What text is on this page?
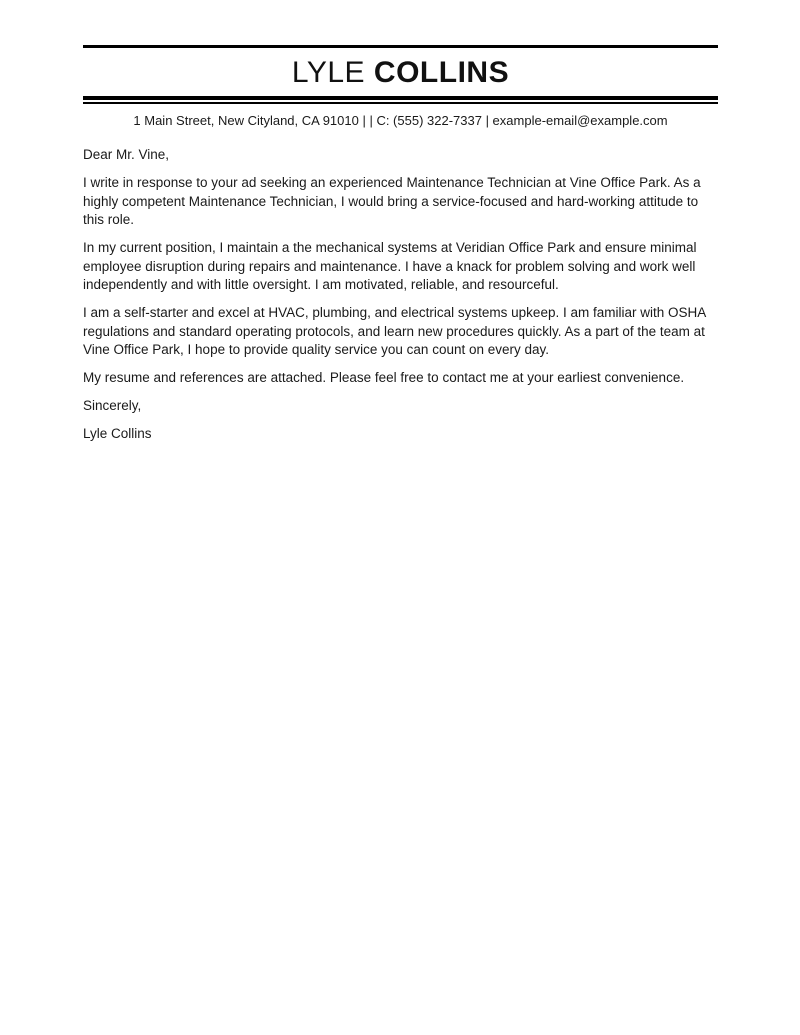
LYLE COLLINS
1 Main Street, New Cityland, CA 91010 | | C: (555) 322-7337 | example-email@example.com

Dear Mr. Vine,

I write in response to your ad seeking an experienced Maintenance Technician at Vine Office Park. As a highly competent Maintenance Technician, I would bring a service-focused and hard-working attitude to this role.

In my current position, I maintain a the mechanical systems at Veridian Office Park and ensure minimal employee disruption during repairs and maintenance. I have a knack for problem solving and work well independently and with little oversight. I am motivated, reliable, and resourceful.

I am a self-starter and excel at HVAC, plumbing, and electrical systems upkeep. I am familiar with OSHA regulations and standard operating protocols, and learn new procedures quickly. As a part of the team at Vine Office Park, I hope to provide quality service you can count on every day.

My resume and references are attached. Please feel free to contact me at your earliest convenience.

Sincerely,

Lyle Collins
